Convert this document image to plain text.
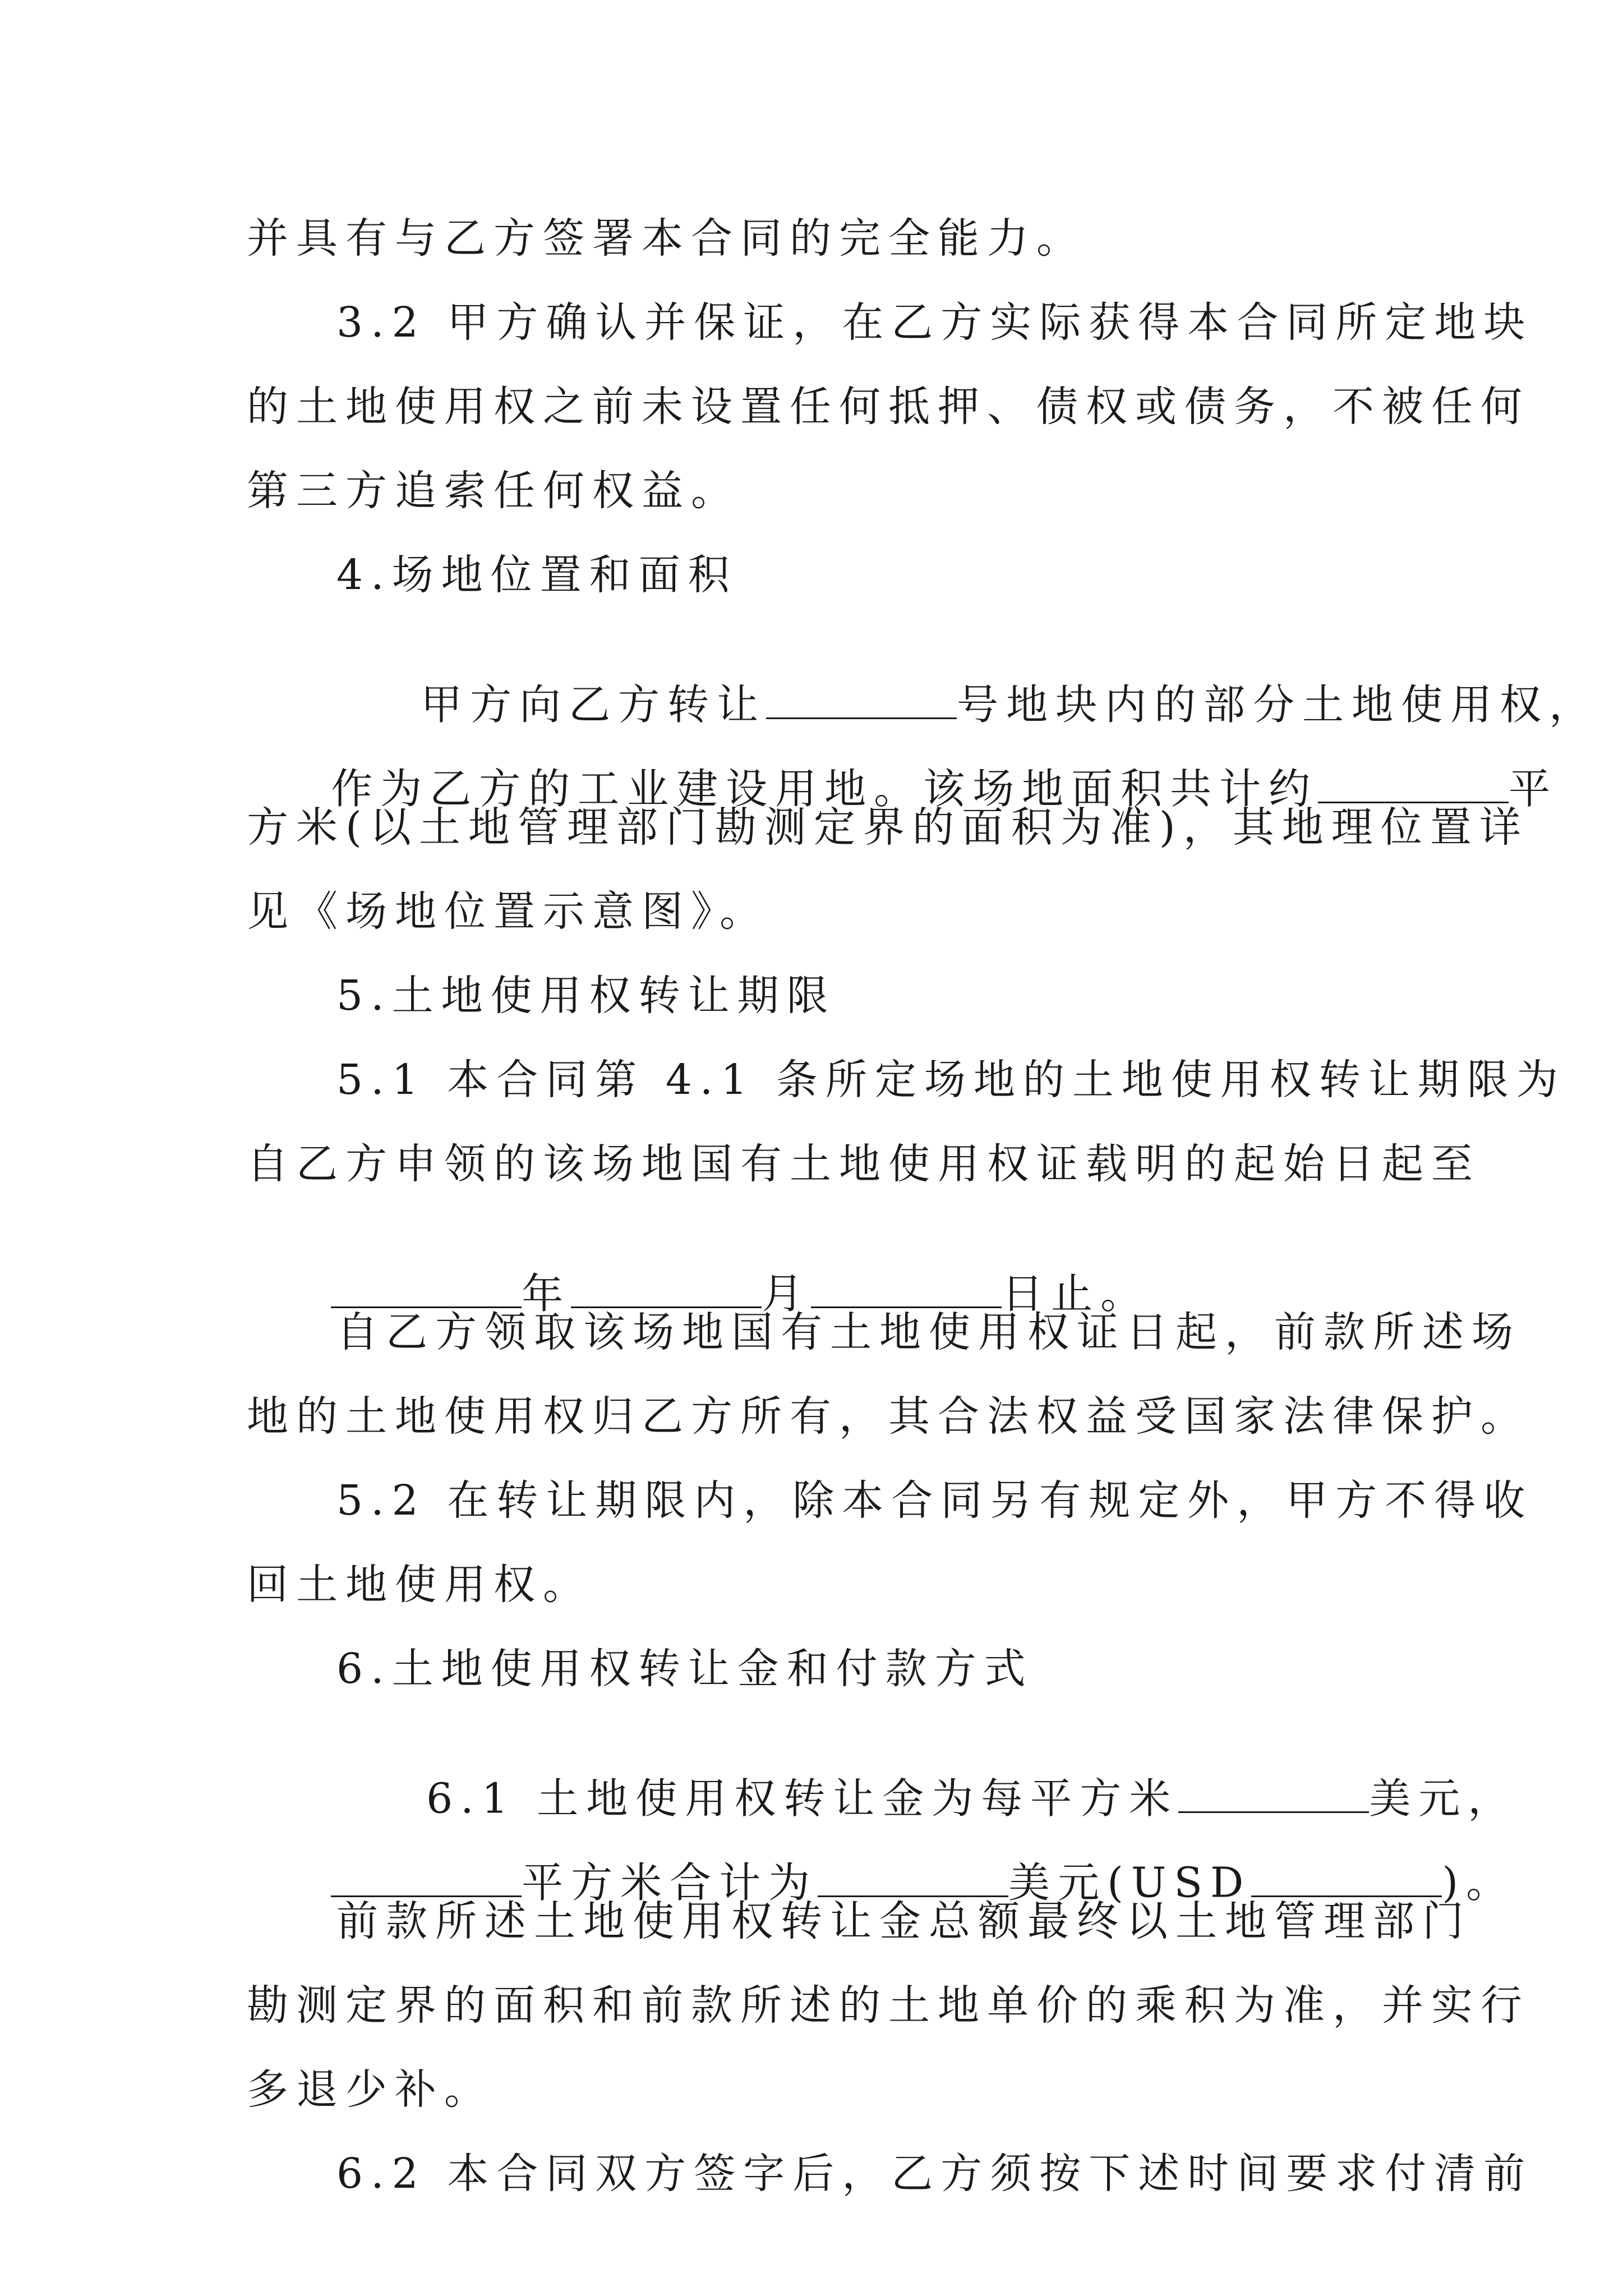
并具有与乙方签署本合同的完全能力。
3.2 甲方确认并保证，在乙方实际获得本合同所定地块
的土地使用权之前未设置任何抵押、债权或债务，不被任何
第三方追索任何权益。
4.场地位置和面积

甲方向乙方转让	号地块内的部分土地使用权，

作为乙方的工业建设用地。该场地面积共计约	平

方米(以土地管理部门勘测定界的面积为准)，其地理位置详
见《场地位置示意图》。
5.土地使用权转让期限
5.1 本合同第 4.1 条所定场地的土地使用权转让期限为
自乙方申领的该场地国有土地使用权证载明的起始日起至

年	月	日止。

自乙方领取该场地国有土地使用权证日起，前款所述场
地的土地使用权归乙方所有，其合法权益受国家法律保护。
5.2 在转让期限内，除本合同另有规定外，甲方不得收
回土地使用权。
6.土地使用权转让金和付款方式

6.1 土地使用权转让金为每平方米	美元，

平方米合计为	美元(USD	)。

前款所述土地使用权转让金总额最终以土地管理部门
勘测定界的面积和前款所述的土地单价的乘积为准，并实行
多退少补。
6.2 本合同双方签字后，乙方须按下述时间要求付清前
